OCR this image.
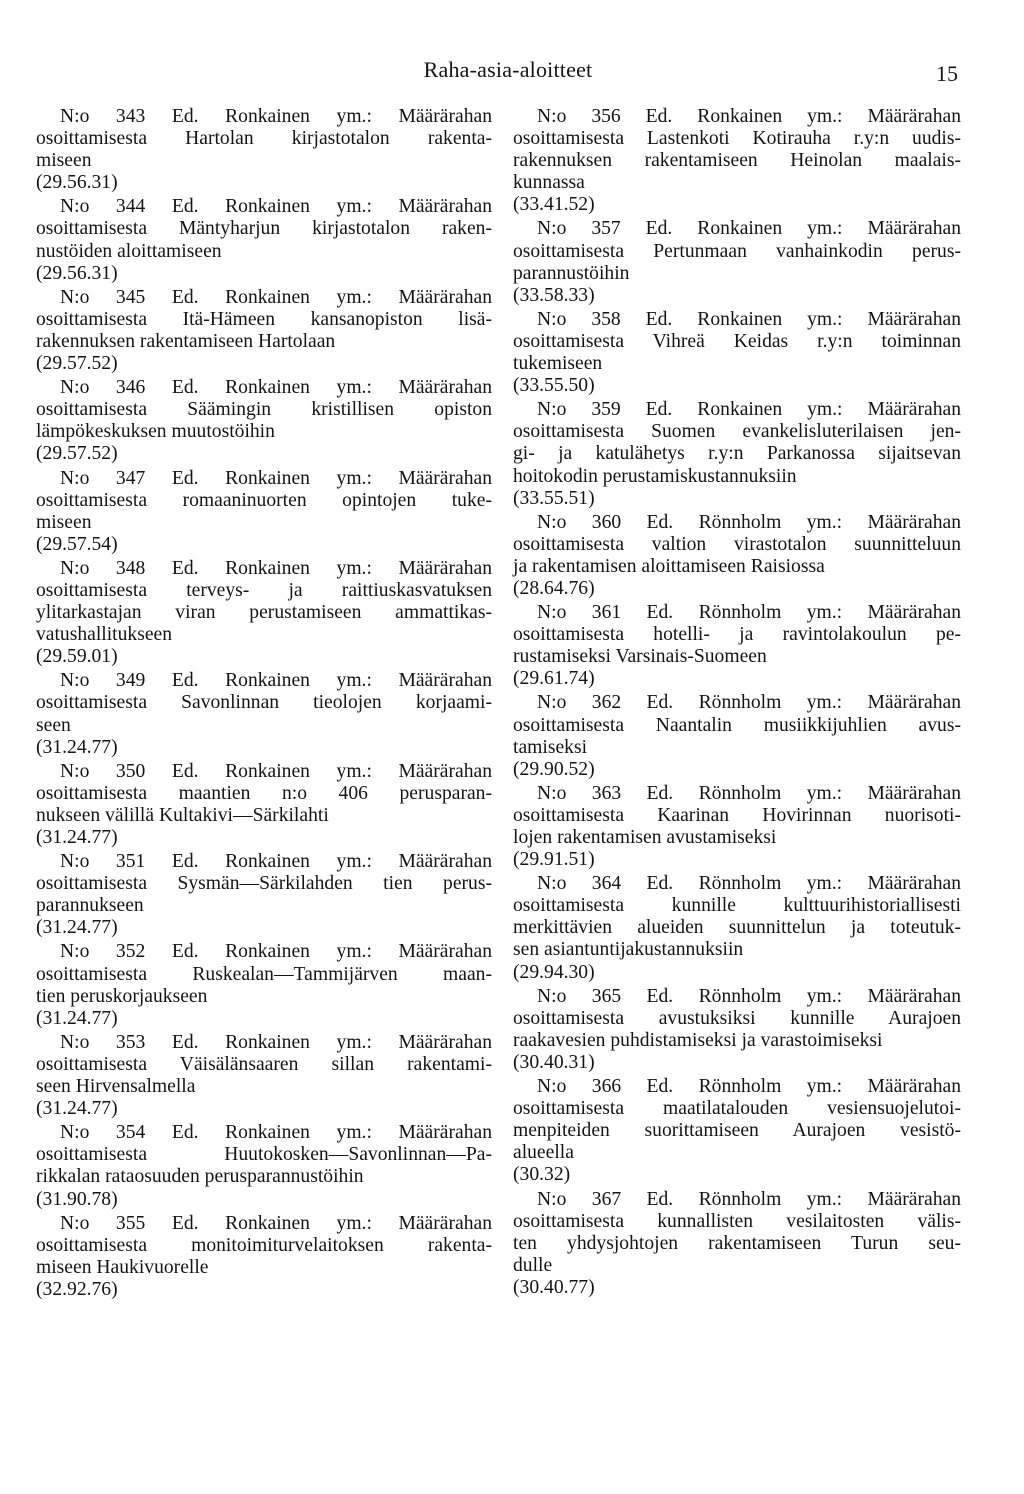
Raha-asia-aloitteet	15
N:o 343 Ed. Ronkainen ym.: Määrärahan
osoittamisesta Hartolan kirjastotalon rakenta-
miseen
(29.56.31)
N:o 344 Ed. Ronkainen ym.: Määrärahan
osoittamisesta Mäntyharjun kirjastotalon raken-
nustöiden aloittamiseen
(29.56.31)
N:o 345 Ed. Ronkainen ym.: Määrärahan
osoittamisesta Itä-Hämeen kansanopiston lisä-
rakennuksen rakentamiseen Hartolaan
(29.57.52)
N:o 346 Ed. Ronkainen ym.: Määrärahan
osoittamisesta Säämingin kristillisen opiston
lämpökeskuksen muutostöihin
(29.57.52)
N:o 347 Ed. Ronkainen ym.: Määrärahan
osoittamisesta romaaninuorten opintojen tuke-
miseen
(29.57.54)
N:o 348 Ed. Ronkainen ym.: Määrärahan
osoittamisesta terveys- ja raittiuskasvatuksen
ylitarkastajan viran perustamiseen ammattikas-
vatushallitukseen
(29.59.01)
N:o 349 Ed. Ronkainen ym.: Määrärahan
osoittamisesta Savonlinnan tieolojen korjaami-
seen
(31.24.77)
N:o 350 Ed. Ronkainen ym.: Määrärahan
osoittamisesta maantien n:o 406 perusparan-
nukseen välillä Kultakivi—Särkilahti
(31.24.77)
N:o 351 Ed. Ronkainen ym.: Määrärahan
osoittamisesta Sysmän—Särkilahden tien perus-
parannukseen
(31.24.77)
N:o 352 Ed. Ronkainen ym.: Määrärahan
osoittamisesta Ruskealan—Tammijärven maan-
tien peruskorjaukseen
(31.24.77)
N:o 353 Ed. Ronkainen ym.: Määrärahan
osoittamisesta Väisälänsaaren sillan rakentami-
seen Hirvensalmella
(31.24.77)
N:o 354 Ed. Ronkainen ym.: Määrärahan
osoittamisesta Huutokosken—Savonlinnan—Pa-
rikkalan rataosuuden perusparannustöihin
(31.90.78)
N:o 355 Ed. Ronkainen ym.: Määrärahan
osoittamisesta monitoimiturvelaitoksen rakenta-
miseen Haukivuorelle
(32.92.76)
N:o 356 Ed. Ronkainen ym.: Määrärahan
osoittamisesta Lastenkoti Kotirauha r.y:n uudis-
rakennuksen rakentamiseen Heinolan maalais-
kunnassa
(33.41.52)
N:o 357 Ed. Ronkainen ym.: Määrärahan
osoittamisesta Pertunmaan vanhainkodin perus-
parannustöihin
(33.58.33)
N:o 358 Ed. Ronkainen ym.: Määrärahan
osoittamisesta Vihreä Keidas r.y:n toiminnan
tukemiseen
(33.55.50)
N:o 359 Ed. Ronkainen ym.: Määrärahan
osoittamisesta Suomen evankelisluterilaisen jen-
gi- ja katulähetys r.y:n Parkanossa sijaitsevan
hoitokodin perustamiskustannuksiin
(33.55.51)
N:o 360 Ed. Rönnholm ym.: Määrärahan
osoittamisesta valtion virastotalon suunnitteluun
ja rakentamisen aloittamiseen Raisiossa
(28.64.76)
N:o 361 Ed. Rönnholm ym.: Määrärahan
osoittamisesta hotelli- ja ravintolakoulun pe-
rustamiseksi Varsinais-Suomeen
(29.61.74)
N:o 362 Ed. Rönnholm ym.: Määrärahan
osoittamisesta Naantalin musiikkijuhlien avus-
tamiseksi
(29.90.52)
N:o 363 Ed. Rönnholm ym.: Määrärahan
osoittamisesta Kaarinan Hovirinnan nuorisoti-
lojen rakentamisen avustamiseksi
(29.91.51)
N:o 364 Ed. Rönnholm ym.: Määrärahan
osoittamisesta kunnille kulttuurihistoriallisesti
merkittävien alueiden suunnittelun ja toteutuk-
sen asiantuntijakustannuksiin
(29.94.30)
N:o 365 Ed. Rönnholm ym.: Määrärahan
osoittamisesta avustuksiksi kunnille Aurajoen
raakavesien puhdistamiseksi ja varastoimiseksi
(30.40.31)
N:o 366 Ed. Rönnholm ym.: Määrärahan
osoittamisesta maatilatalouden vesiensuojelutoi-
menpiteiden suorittamiseen Aurajoen vesistö-
alueella
(30.32)
N:o 367 Ed. Rönnholm ym.: Määrärahan
osoittamisesta kunnallisten vesilaitosten välis-
ten yhdysjohtojen rakentamiseen Turun seu-
dulle
(30.40.77)
